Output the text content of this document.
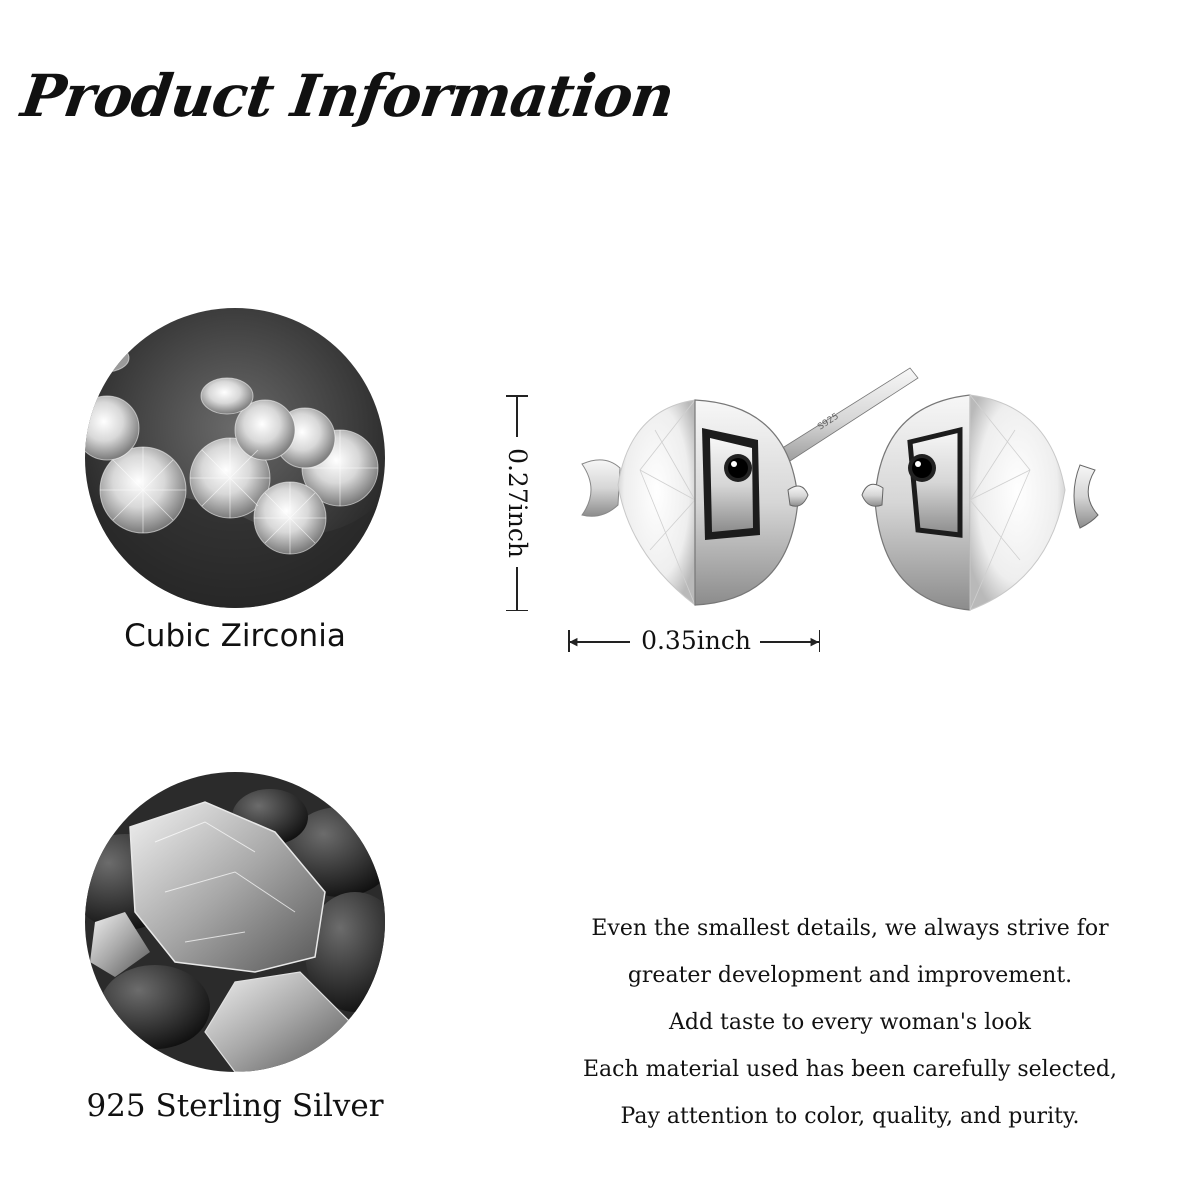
Product Information
Cubic Zirconia
925 Sterling Silver
S925
0.35inch	▶
0.27inch
Even the smallest details, we always strive for
greater development and improvement.
Add taste to every woman's look
Each material used has been carefully selected,
Pay attention to color, quality, and purity.
